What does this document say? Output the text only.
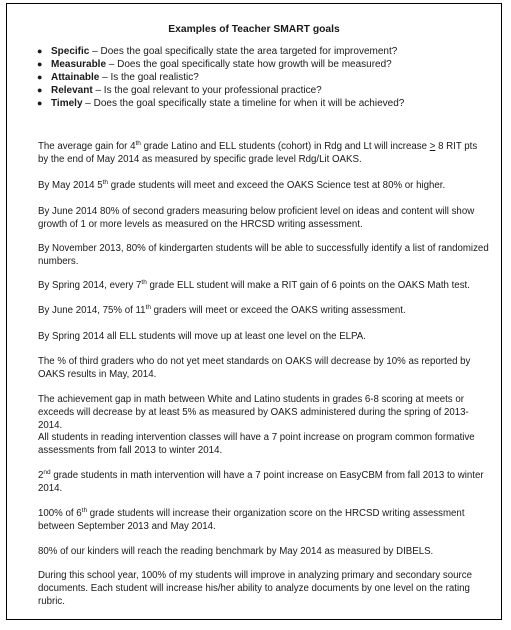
Examples of Teacher SMART goals
● Specific – Does the goal specifically state the area targeted for improvement?
● Measurable – Does the goal specifically state how growth will be measured?
● Attainable – Is the goal realistic?
● Relevant – Is the goal relevant to your professional practice?
● Timely – Does the goal specifically state a timeline for when it will be achieved?

The average gain for 4th grade Latino and ELL students (cohort) in Rdg and Lt will increase > 8 RIT pts by the end of May 2014 as measured by specific grade level Rdg/Lit OAKS.

By May 2014 5th grade students will meet and exceed the OAKS Science test at 80% or higher.

By June 2014 80% of second graders measuring below proficient level on ideas and content will show growth of 1 or more levels as measured on the HRCSD writing assessment.

By November 2013, 80% of kindergarten students will be able to successfully identify a list of randomized numbers.

By Spring 2014, every 7th grade ELL student will make a RIT gain of 6 points on the OAKS Math test.

By June 2014, 75% of 11th graders will meet or exceed the OAKS writing assessment.

By Spring 2014 all ELL students will move up at least one level on the ELPA.

The % of third graders who do not yet meet standards on OAKS will decrease by 10% as reported by OAKS results in May, 2014.

The achievement gap in math between White and Latino students in grades 6-8 scoring at meets or exceeds will decrease by at least 5% as measured by OAKS administered during the spring of 2013-2014.

All students in reading intervention classes will have a 7 point increase on program common formative assessments from fall 2013 to winter 2014.

2nd grade students in math intervention will have a 7 point increase on EasyCBM from fall 2013 to winter 2014.

100% of 6th grade students will increase their organization score on the HRCSD writing assessment between September 2013 and May 2014.

80% of our kinders will reach the reading benchmark by May 2014 as measured by DIBELS.

During this school year, 100% of my students will improve in analyzing primary and secondary source documents. Each student will increase his/her ability to analyze documents by one level on the rating rubric.
